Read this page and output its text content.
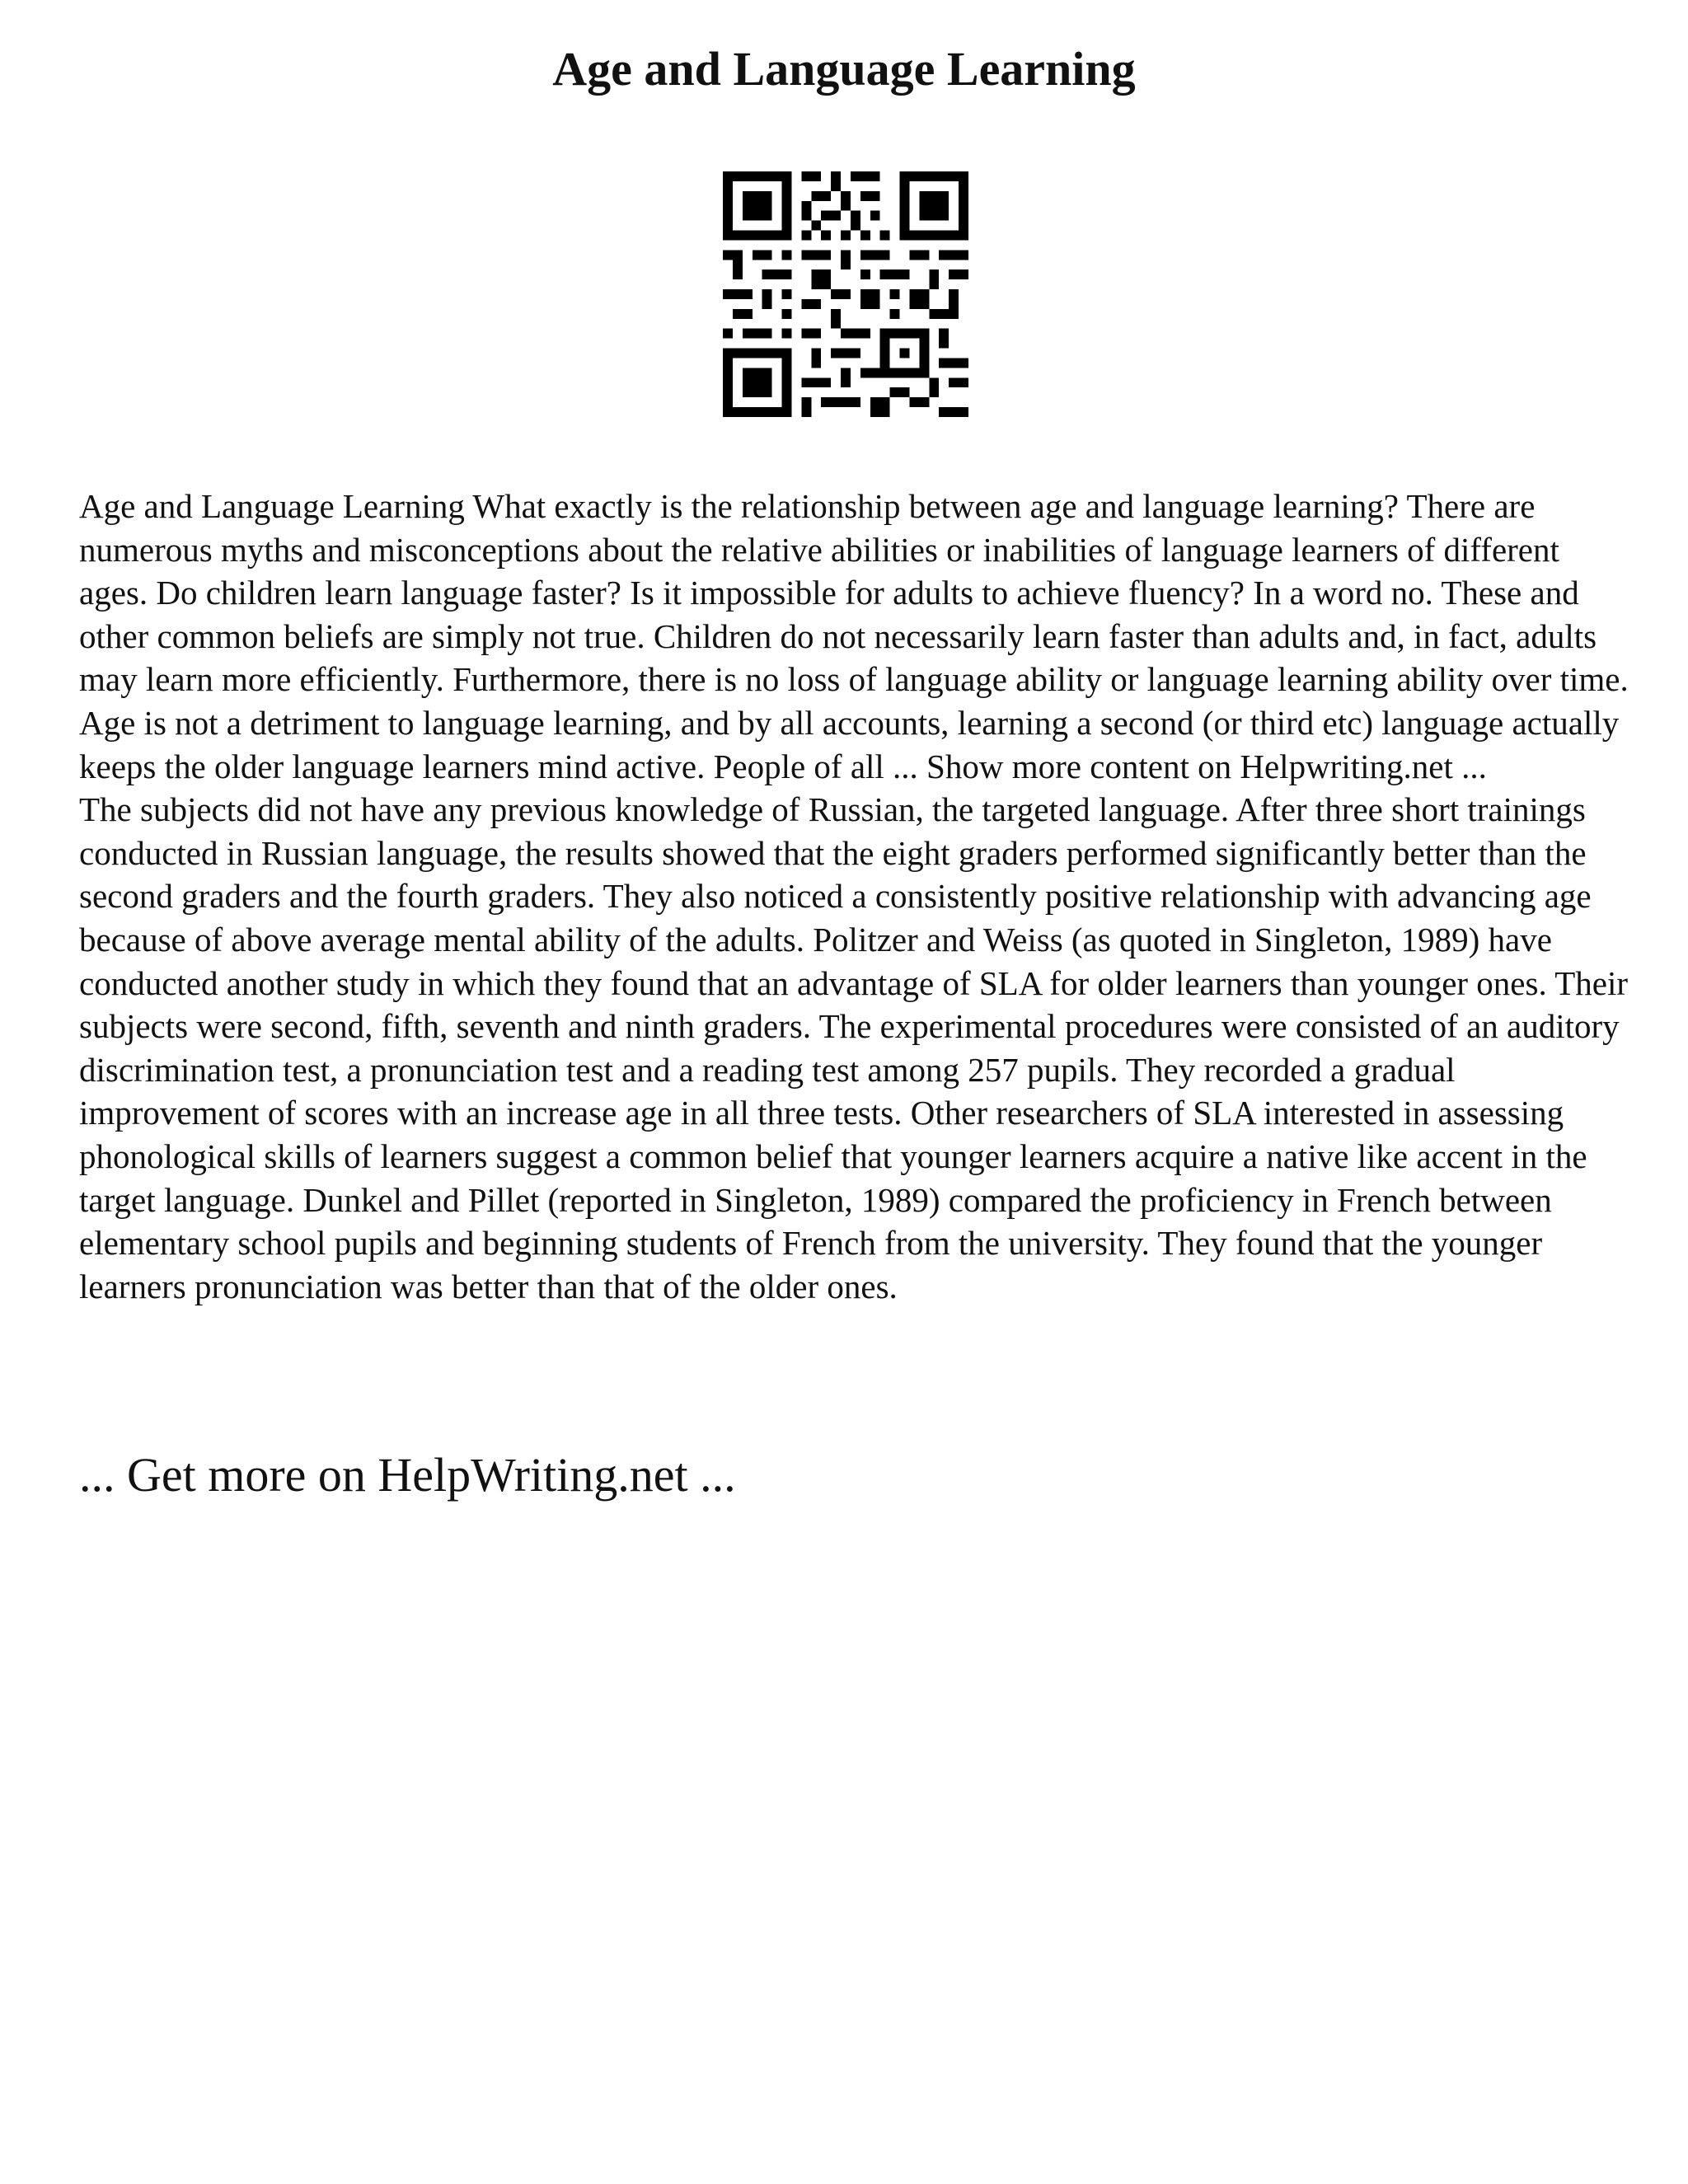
Age and Language Learning

Age and Language Learning What exactly is the relationship between age and language learning? There are numerous myths and misconceptions about the relative abilities or inabilities of language learners of different ages. Do children learn language faster? Is it impossible for adults to achieve fluency? In a word no. These and other common beliefs are simply not true. Children do not necessarily learn faster than adults and, in fact, adults may learn more efficiently. Furthermore, there is no loss of language ability or language learning ability over time. Age is not a detriment to language learning, and by all accounts, learning a second (or third etc) language actually keeps the older language learners mind active. People of all ... Show more content on Helpwriting.net ...

The subjects did not have any previous knowledge of Russian, the targeted language. After three short trainings conducted in Russian language, the results showed that the eight graders performed significantly better than the second graders and the fourth graders. They also noticed a consistently positive relationship with advancing age because of above average mental ability of the adults. Politzer and Weiss (as quoted in Singleton, 1989) have conducted another study in which they found that an advantage of SLA for older learners than younger ones. Their subjects were second, fifth, seventh and ninth graders. The experimental procedures were consisted of an auditory discrimination test, a pronunciation test and a reading test among 257 pupils. They recorded a gradual improvement of scores with an increase age in all three tests. Other researchers of SLA interested in assessing phonological skills of learners suggest a common belief that younger learners acquire a native like accent in the target language. Dunkel and Pillet (reported in Singleton, 1989) compared the proficiency in French between elementary school pupils and beginning students of French from the university. They found that the younger learners pronunciation was better than that of the older ones.

... Get more on HelpWriting.net ...
